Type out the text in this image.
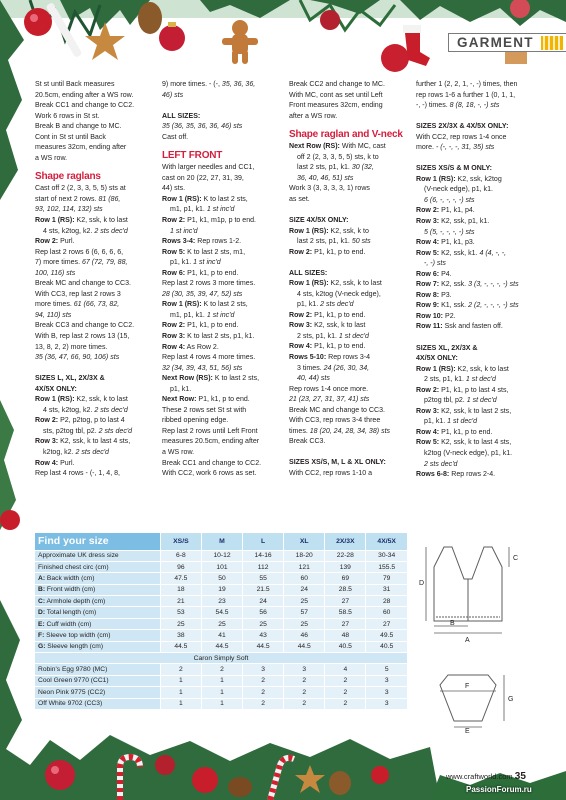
GARMENT
St st until Back measures
20.5cm, ending after a WS row.
Break CC1 and change to CC2.
Work 6 rows in St st.
Break B and change to MC.
Cont in St st until Back
measures 32cm, ending after
a WS row.
Shape raglans
Cast off 2 (2, 3, 3, 5, 5) sts at
start of next 2 rows. 81 (86,
93, 102, 114, 132) sts
Row 1 (RS): K2, ssk, k to last
4 sts, k2tog, k2. 2 sts dec'd
Row 2: Purl.
Rep last 2 rows 6 (6, 6, 6, 6,
7) more times. 67 (72, 79, 88,
100, 116) sts
Break MC and change to CC3.
With CC3, rep last 2 rows 3
more times. 61 (66, 73, 82,
94, 110) sts
Break CC3 and change to CC2.
With B, rep last 2 rows 13 (15,
13, 8, 2, 2) more times.
35 (36, 47, 66, 90, 106) sts
SIZES L, XL, 2X/3X &
4X/5X ONLY:
Row 1 (RS): K2, ssk, k to last
4 sts, k2tog, k2. 2 sts dec'd
Row 2: P2, p2tog, p to last 4
sts, p2tog tbl, p2. 2 sts dec'd
Row 3: K2, ssk, k to last 4 sts,
k2tog, k2. 2 sts dec'd
Row 4: Purl.
Rep last 4 rows - (-, 1, 4, 8,
9) more times. - (-, 35, 36, 36,
46) sts
ALL SIZES:
35 (36, 35, 36, 36, 46) sts
Cast off.
LEFT FRONT
With larger needles and CC1,
cast on 20 (22, 27, 31, 39,
44) sts.
Row 1 (RS): K to last 2 sts,
m1, p1, k1. 1 st inc'd
Row 2: P1, k1, m1p, p to end.
1 st inc'd
Rows 3-4: Rep rows 1-2.
Row 5: K to last 2 sts, m1,
p1, k1. 1 st inc'd
Row 6: P1, k1, p to end.
Rep last 2 rows 3 more times.
28 (30, 35, 39, 47, 52) sts
Row 1 (RS): K to last 2 sts,
m1, p1, k1. 1 st inc'd
Row 2: P1, k1, p to end.
Row 3: K to last 2 sts, p1, k1.
Row 4: As Row 2.
Rep last 4 rows 4 more times.
32 (34, 39, 43, 51, 56) sts
Next Row (RS): K to last 2 sts,
p1, k1.
Next Row: P1, k1, p to end.
These 2 rows set St st with
ribbed opening edge.
Rep last 2 rows until Left Front
measures 20.5cm, ending after
a WS row.
Break CC1 and change to CC2.
With CC2, work 6 rows as set.
Break CC2 and change to MC.
With MC, cont as set until Left
Front measures 32cm, ending
after a WS row.
Shape raglan and V-neck
Next Row (RS): With MC, cast
off 2 (2, 3, 3, 5, 5) sts, k to
last 2 sts, p1, k1. 30 (32,
36, 40, 46, 51) sts
Work 3 (3, 3, 3, 3, 1) rows
as set.
SIZE 4X/5X ONLY:
Row 1 (RS): K2, ssk, k to
last 2 sts, p1, k1. 50 sts
Row 2: P1, k1, p to end.
ALL SIZES:
Row 1 (RS): K2, ssk, k to last
4 sts, k2tog (V-neck edge),
p1, k1. 2 sts dec'd
Row 2: P1, k1, p to end.
Row 3: K2, ssk, k to last
2 sts, p1, k1. 1 st dec'd
Row 4: P1, k1, p to end.
Rows 5-10: Rep rows 3-4
3 times. 24 (26, 30, 34,
40, 44) sts
Rep rows 1-4 once more.
21 (23, 27, 31, 37, 41) sts
Break MC and change to CC3.
With CC3, rep rows 3-4 three
times. 18 (20, 24, 28, 34, 38) sts
Break CC3.
SIZES XS/S, M, L & XL ONLY:
With CC2, rep rows 1-10 a
further 1 (2, 2, 1, -, -) times, then
rep rows 1-6 a further 1 (0, 1, 1,
-, -) times. 8 (8, 18, -, -) sts
SIZES 2X/3X & 4X/5X ONLY:
With CC2, rep rows 1-4 once
more. - (-, -, -, 31, 35) sts
SIZES XS/S & M ONLY:
Row 1 (RS): K2, ssk, k2tog
(V-neck edge), p1, k1.
6 (6, -, -, -, -) sts
Row 2: P1, k1, p4.
Row 3: K2, ssk, p1, k1.
5 (5, -, -, -, -) sts
Row 4: P1, k1, p3.
Row 5: K2, ssk, k1. 4 (4, -, -,
-, -) sts
Row 6: P4.
Row 7: K2, ssk. 3 (3, -, -, -, -) sts
Row 8: P3.
Row 9: K1, ssk. 2 (2, -, -, -, -) sts
Row 10: P2.
Row 11: Ssk and fasten off.
SIZES XL, 2X/3X &
4X/5X ONLY:
Row 1 (RS): K2, ssk, k to last
2 sts, p1, k1. 1 st dec'd
Row 2: P1, k1, p to last 4 sts,
p2tog tbl, p2. 1 st dec'd
Row 3: K2, ssk, k to last 2 sts,
p1, k1. 1 st dec'd
Row 4: P1, k1, p to end.
Row 5: K2, ssk, k to last 4 sts,
k2tog (V-neck edge), p1, k1.
2 sts dec'd
Rows 6-8: Rep rows 2-4.
Find your size	XS/S	M	L	XL	2X/3X	4X/5X
Approximate UK dress size	6-8	10-12	14-16	18-20	22-28	30-34
Finished chest circ (cm)	96	101	112	121	139	155.5
A: Back width (cm)	47.5	50	55	60	69	79
B: Front width (cm)	18	19	21.5	24	28.5	31
C: Armhole depth (cm)	21	23	24	25	27	28
D: Total length (cm)	53	54.5	56	57	58.5	60
E: Cuff width (cm)	25	25	25	25	27	27
F: Sleeve top width (cm)	38	41	43	46	48	49.5
G: Sleeve length (cm)	44.5	44.5	44.5	44.5	40.5	40.5
Caron Simply Soft						
Robin's Egg 9780 (MC)	2	2	3	3	4	5
Cool Green 9770 (CC1)	1	1	2	2	2	3
Neon Pink 9775 (CC2)	1	1	2	2	2	3
Off White 9702 (CC3)	1	1	2	2	2	3
D
C
B
A
F
G
E
www.craftworld.com 35
PassionForum.ru
